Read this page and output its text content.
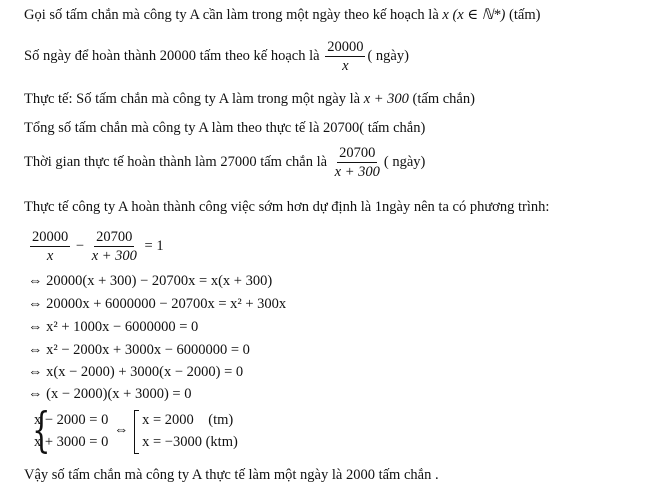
Gọi số tấm chắn mà công ty A cần làm trong một ngày theo kế hoạch là x (x ∈ ℕ*) (tấm)
Số ngày để hoàn thành 20000 tấm theo kế hoạch là $\frac{20000}{x}$ ( ngày)
Thực tế: Số tấm chắn mà công ty A làm trong một ngày là x + 300 (tấm chắn)
Tổng số tấm chắn mà công ty A làm theo thực tế là 20700( tấm chắn)
Thời gian thực tế hoàn thành làm 27000 tấm chắn là $\frac{20700}{x + 300}$ ( ngày)
Thực tế công ty A hoàn thành công việc sớm hơn dự định là 1ngày nên ta có phương trình:
$\frac{20000}{x} - \frac{20700}{x + 300} = 1$
⇔ 20000(x + 300) − 20700x = x(x + 300)
⇔ 20000x + 6000000 − 20700x = x² + 300x
⇔ x² + 1000x − 6000000 = 0
⇔ x² − 2000x + 3000x − 6000000 = 0
⇔ x(x − 2000) + 3000(x − 2000) = 0
⇔ (x − 2000)(x + 3000) = 0
{
x − 2000 = 0
x + 3000 = 0
⇔
x = 2000    (tm)
x = −3000 (ktm)
Vậy số tấm chắn mà công ty A thực tế làm một ngày là 2000 tấm chắn .
